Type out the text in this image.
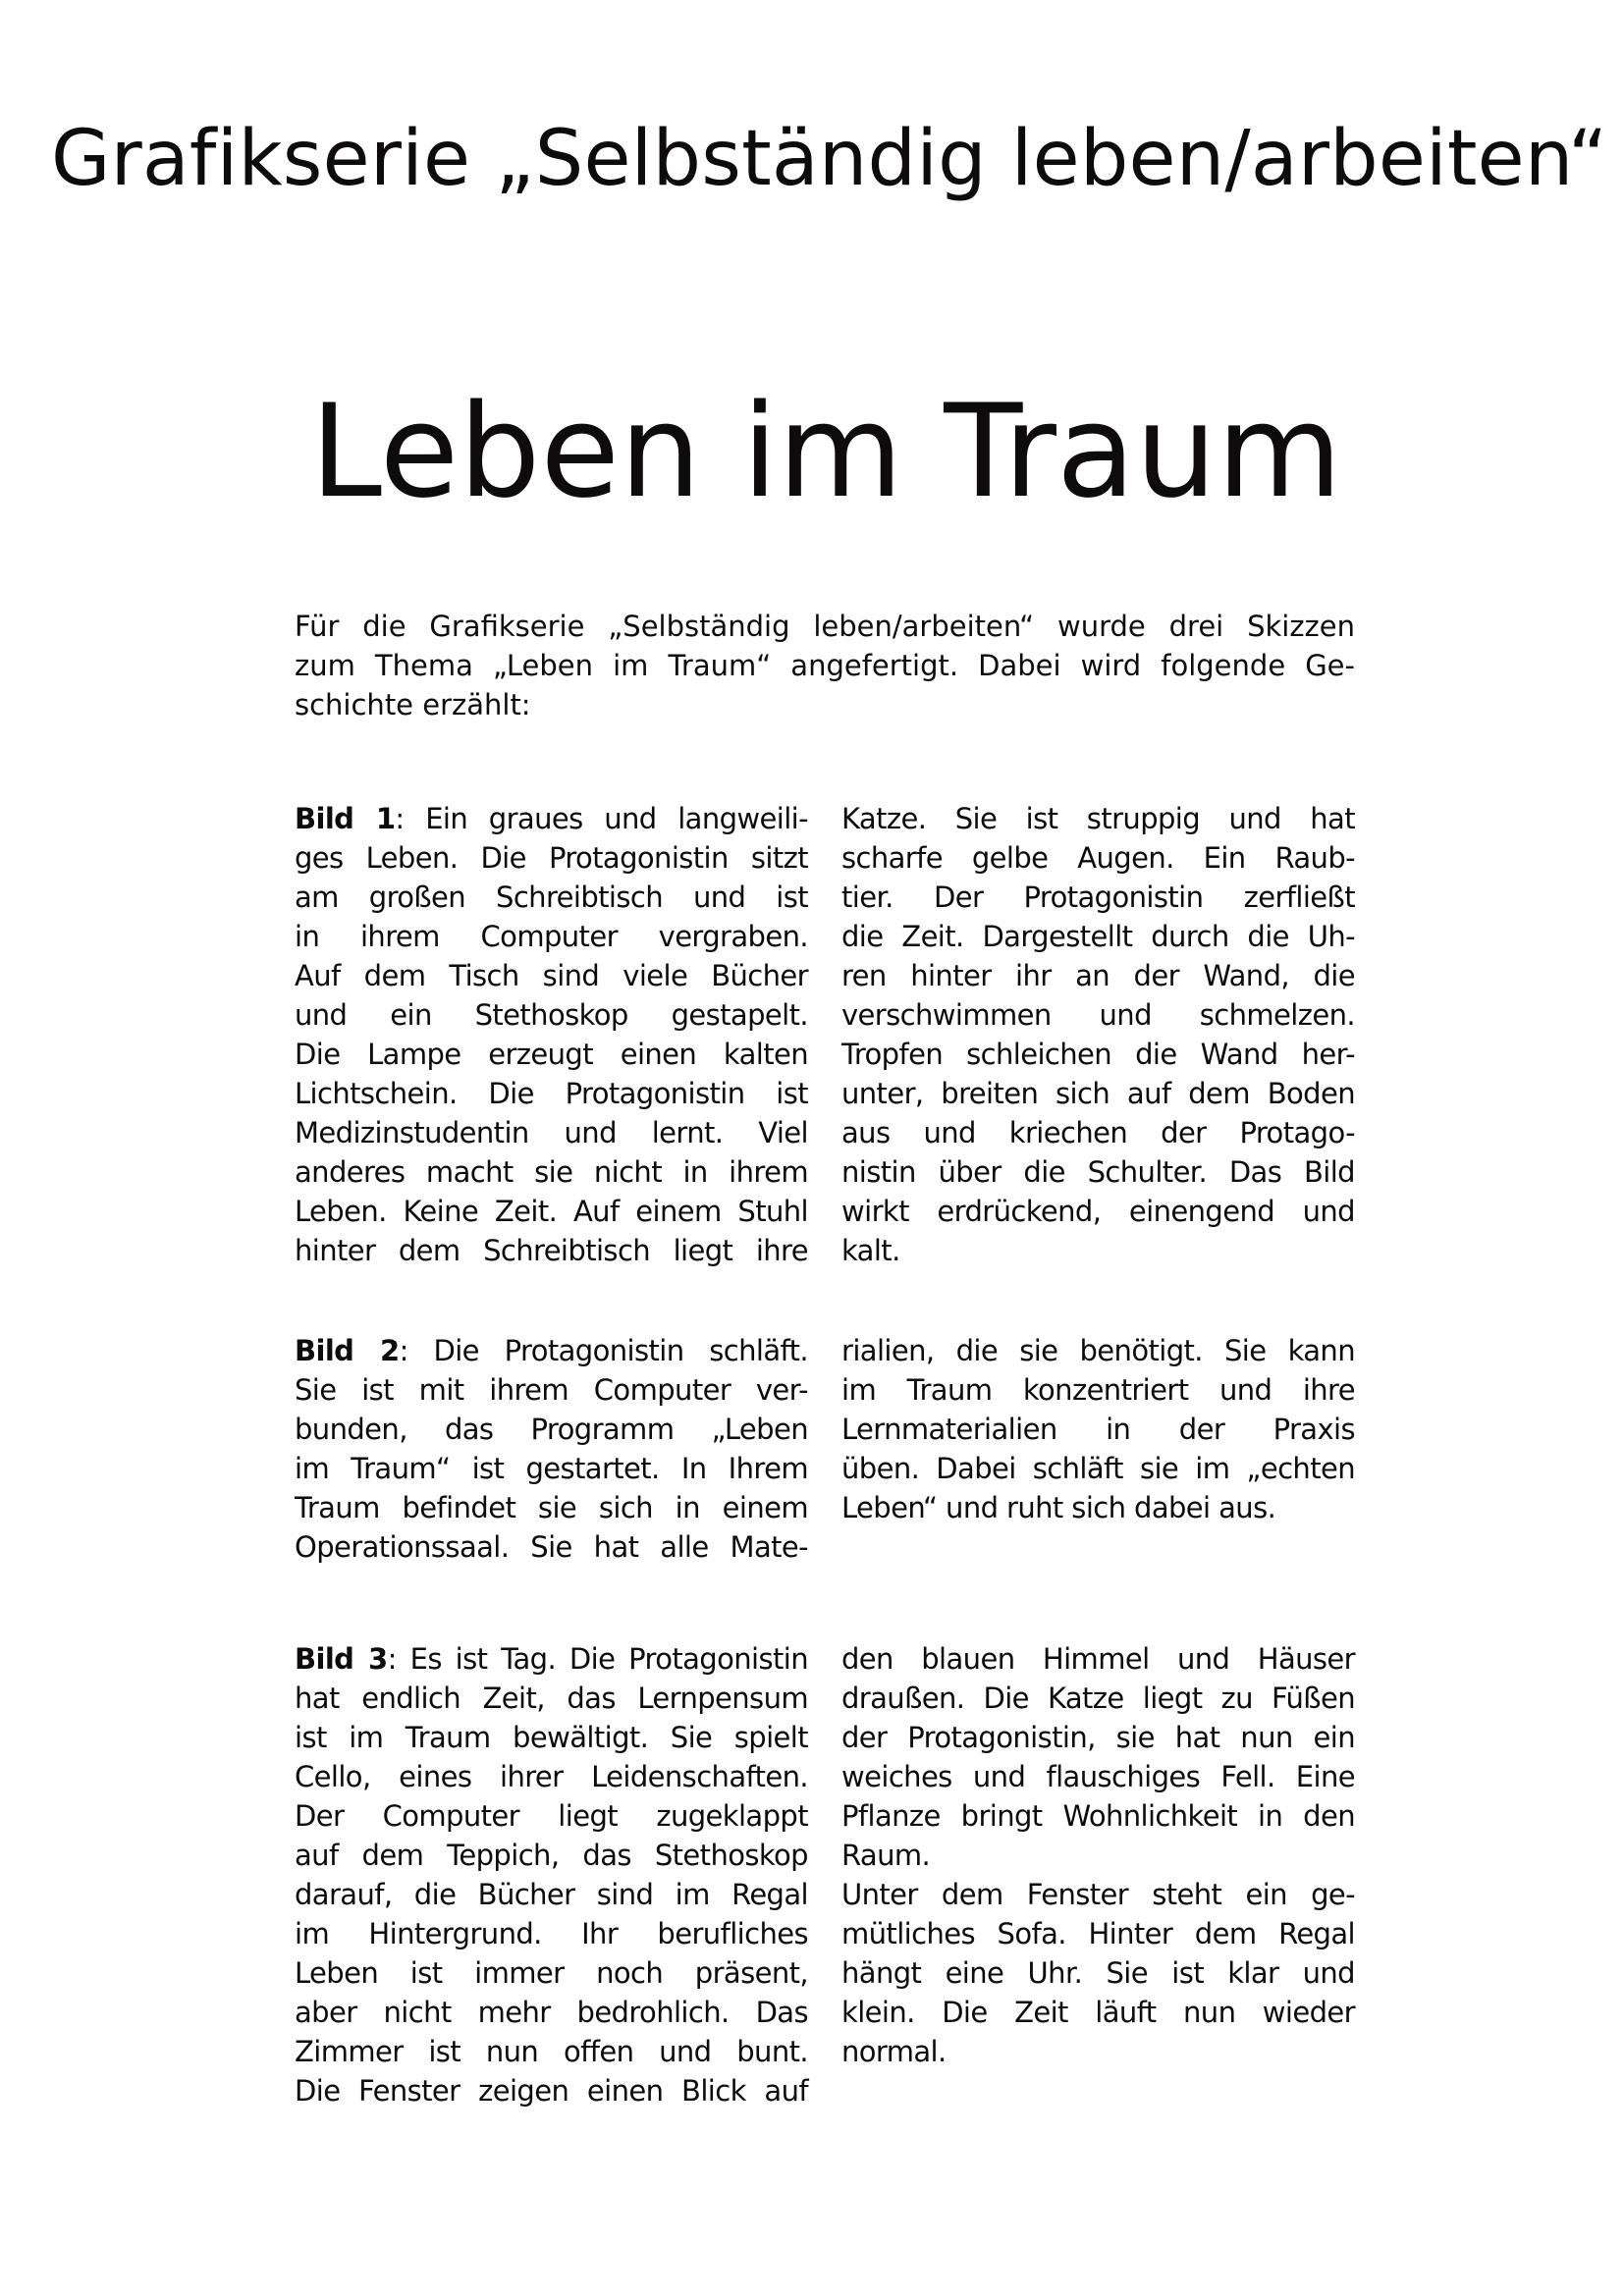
Grafikserie „Selbständig leben/arbeiten“
Leben im Traum
Für die Grafikserie „Selbständig leben/arbeiten“ wurde drei Skizzen
zum Thema „Leben im Traum“ angefertigt. Dabei wird folgende Ge-
schichte erzählt:
Bild 1: Ein graues und langweili-
ges Leben. Die Protagonistin sitzt
am großen Schreibtisch und ist
in ihrem Computer vergraben.
Auf dem Tisch sind viele Bücher
und ein Stethoskop gestapelt.
Die Lampe erzeugt einen kalten
Lichtschein. Die Protagonistin ist
Medizinstudentin und lernt. Viel
anderes macht sie nicht in ihrem
Leben. Keine Zeit. Auf einem Stuhl
hinter dem Schreibtisch liegt ihre
Katze. Sie ist struppig und hat
scharfe gelbe Augen. Ein Raub-
tier. Der Protagonistin zerfließt
die Zeit. Dargestellt durch die Uh-
ren hinter ihr an der Wand, die
verschwimmen und schmelzen.
Tropfen schleichen die Wand her-
unter, breiten sich auf dem Boden
aus und kriechen der Protago-
nistin über die Schulter. Das Bild
wirkt erdrückend, einengend und
kalt.
Bild 2: Die Protagonistin schläft.
Sie ist mit ihrem Computer ver-
bunden, das Programm „Leben
im Traum“ ist gestartet. In Ihrem
Traum befindet sie sich in einem
Operationssaal. Sie hat alle Mate-
rialien, die sie benötigt. Sie kann
im Traum konzentriert und ihre
Lernmaterialien in der Praxis
üben. Dabei schläft sie im „echten
Leben“ und ruht sich dabei aus.
Bild 3: Es ist Tag. Die Protagonistin
hat endlich Zeit, das Lernpensum
ist im Traum bewältigt. Sie spielt
Cello, eines ihrer Leidenschaften.
Der Computer liegt zugeklappt
auf dem Teppich, das Stethoskop
darauf, die Bücher sind im Regal
im Hintergrund. Ihr berufliches
Leben ist immer noch präsent,
aber nicht mehr bedrohlich. Das
Zimmer ist nun offen und bunt.
Die Fenster zeigen einen Blick auf
den blauen Himmel und Häuser
draußen. Die Katze liegt zu Füßen
der Protagonistin, sie hat nun ein
weiches und flauschiges Fell. Eine
Pflanze bringt Wohnlichkeit in den
Raum.
Unter dem Fenster steht ein ge-
mütliches Sofa. Hinter dem Regal
hängt eine Uhr. Sie ist klar und
klein. Die Zeit läuft nun wieder
normal.
